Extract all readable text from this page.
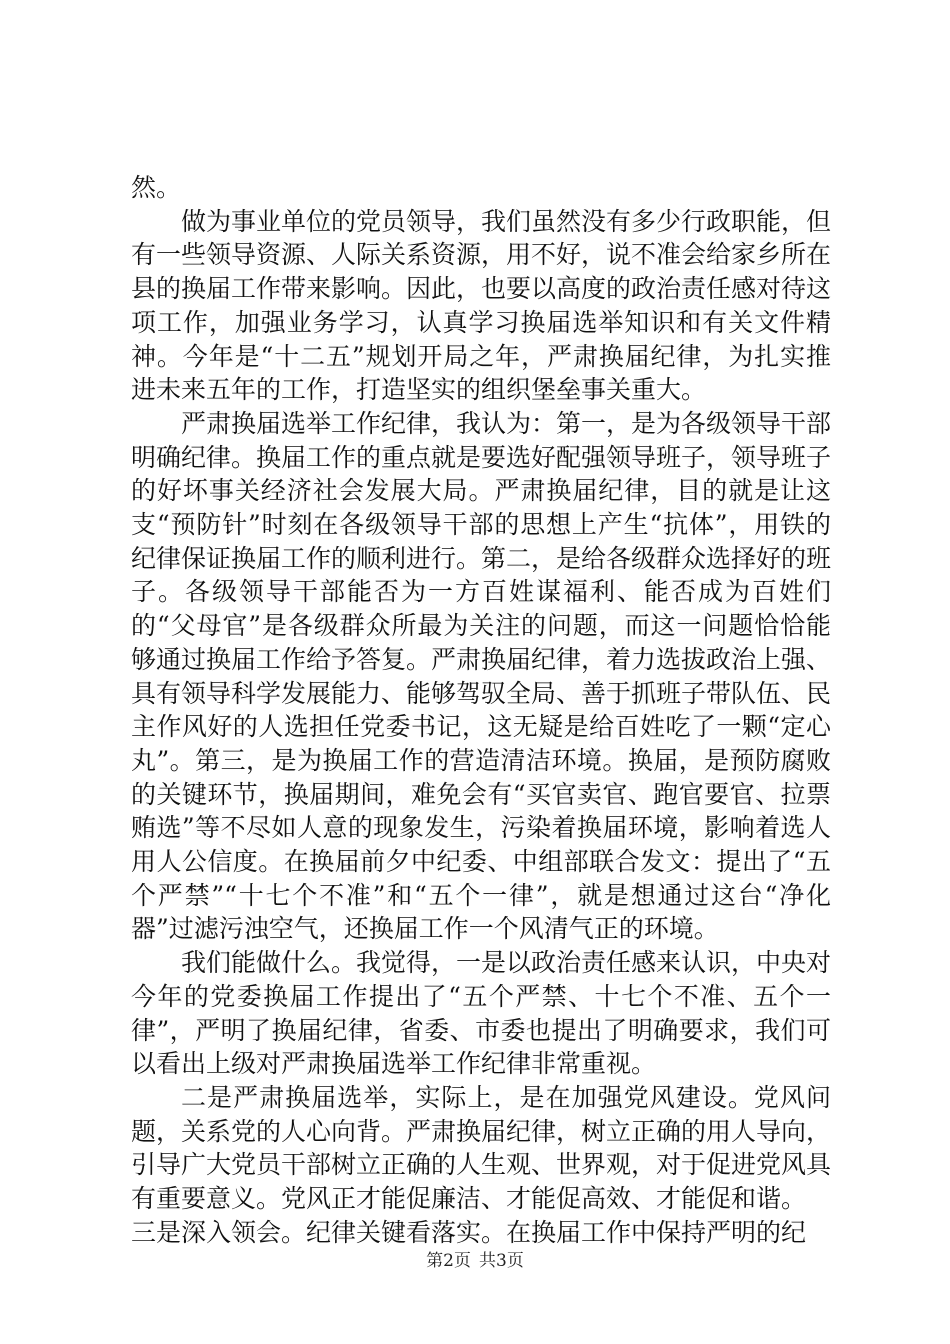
然。

做为事业单位的党员领导，我们虽然没有多少行政职能，但有一些领导资源、人际关系资源，用不好，说不准会给家乡所在县的换届工作带来影响。因此，也要以高度的政治责任感对待这项工作，加强业务学习，认真学习换届选举知识和有关文件精神。今年是“十二五”规划开局之年，严肃换届纪律，为扎实推进未来五年的工作，打造坚实的组织堡垒事关重大。

严肃换届选举工作纪律，我认为：第一，是为各级领导干部明确纪律。换届工作的重点就是要选好配强领导班子，领导班子的好坏事关经济社会发展大局。严肃换届纪律，目的就是让这支“预防针”时刻在各级领导干部的思想上产生“抗体”，用铁的纪律保证换届工作的顺利进行。第二，是给各级群众选择好的班子。各级领导干部能否为一方百姓谋福利、能否成为百姓们的“父母官”是各级群众所最为关注的问题，而这一问题恰恰能够通过换届工作给予答复。严肃换届纪律，着力选拔政治上强、具有领导科学发展能力、能够驾驭全局、善于抓班子带队伍、民主作风好的人选担任党委书记，这无疑是给百姓吃了一颗“定心丸”。第三，是为换届工作的营造清洁环境。换届，是预防腐败的关键环节，换届期间，难免会有“买官卖官、跑官要官、拉票贿选”等不尽如人意的现象发生，污染着换届环境，影响着选人用人公信度。在换届前夕中纪委、中组部联合发文：提出了“五个严禁”“十七个不准”和“五个一律”，就是想通过这台“净化器”过滤污浊空气，还换届工作一个风清气正的环境。

我们能做什么。我觉得，一是以政治责任感来认识，中央对今年的党委换届工作提出了“五个严禁、十七个不准、五个一律”，严明了换届纪律，省委、市委也提出了明确要求，我们可以看出上级对严肃换届选举工作纪律非常重视。

二是严肃换届选举，实际上，是在加强党风建设。党风问题，关系党的人心向背。严肃换届纪律，树立正确的用人导向，引导广大党员干部树立正确的人生观、世界观，对于促进党风具有重要意义。党风正才能促廉洁、才能促高效、才能促和谐。

三是深入领会。纪律关键看落实。在换届工作中保持严明的纪

第2页 共3页
